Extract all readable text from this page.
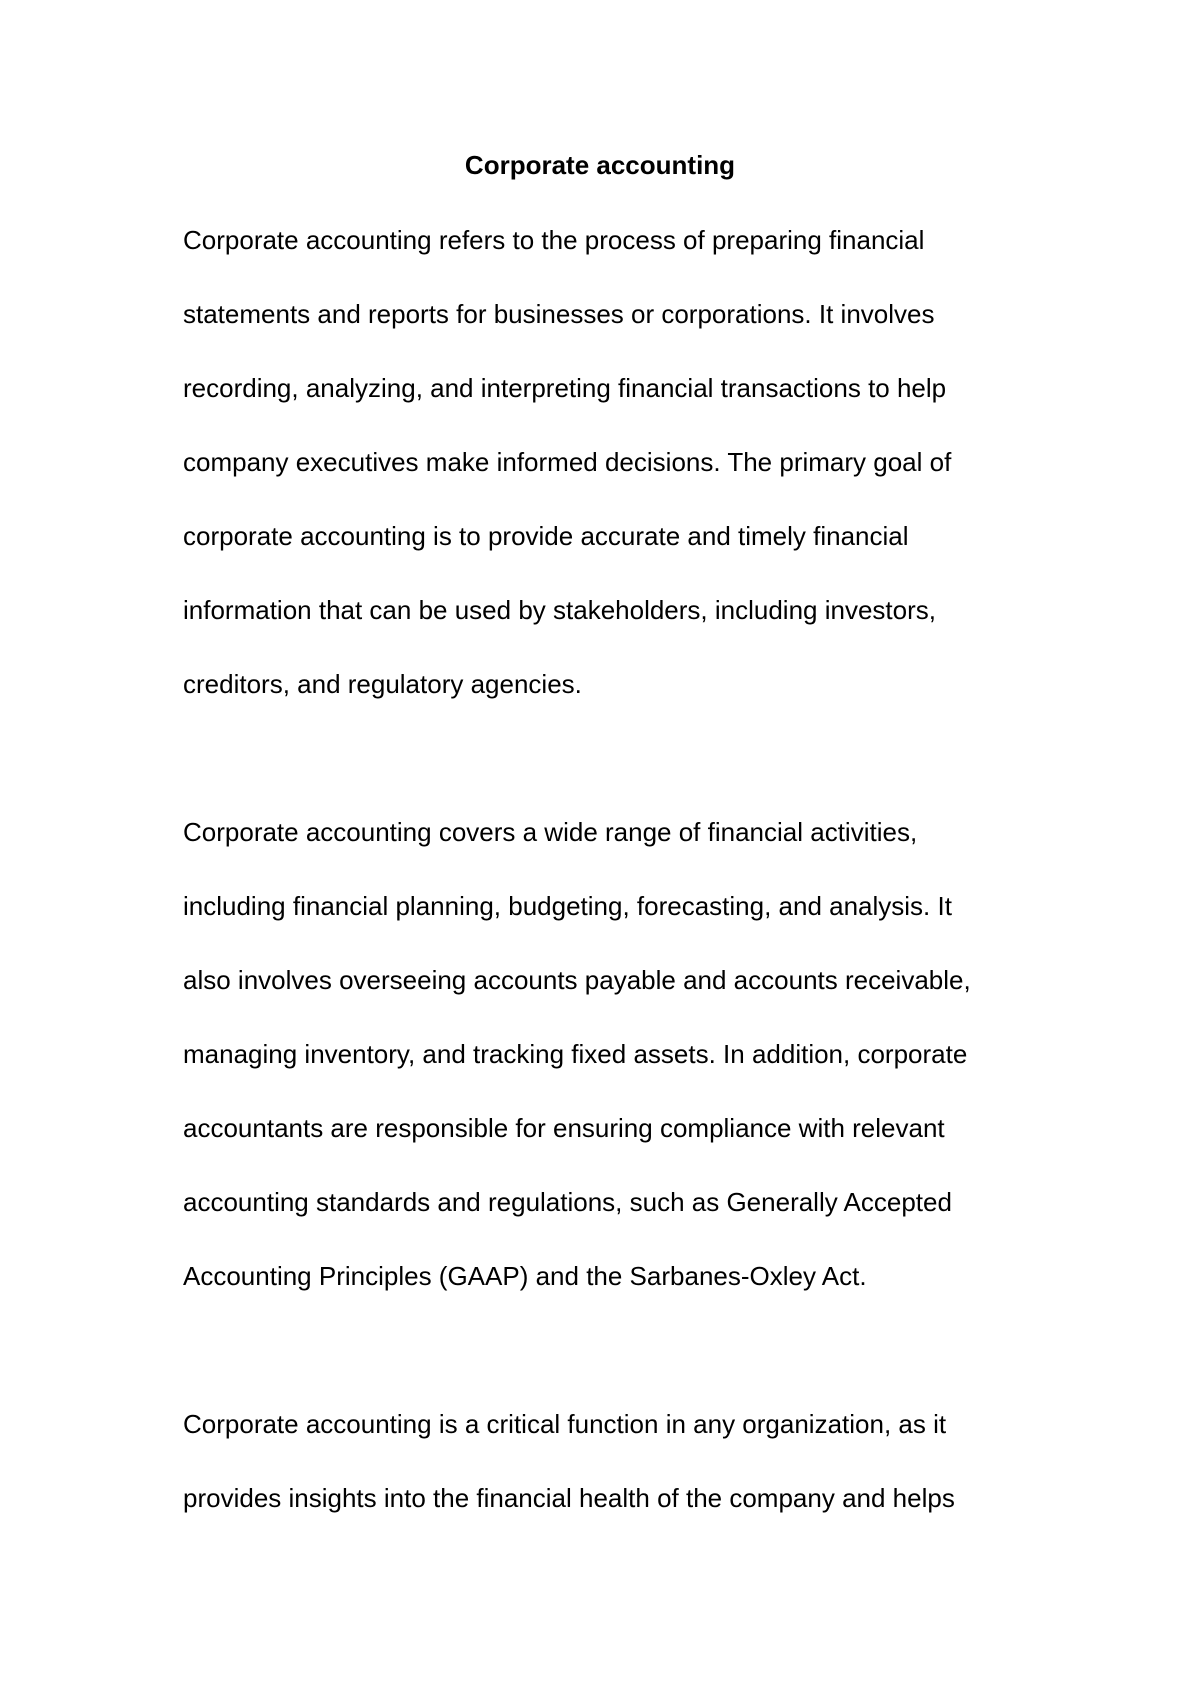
Corporate accounting
Corporate accounting refers to the process of preparing financial
statements and reports for businesses or corporations. It involves
recording, analyzing, and interpreting financial transactions to help
company executives make informed decisions. The primary goal of
corporate accounting is to provide accurate and timely financial
information that can be used by stakeholders, including investors,
creditors, and regulatory agencies.
Corporate accounting covers a wide range of financial activities,
including financial planning, budgeting, forecasting, and analysis. It
also involves overseeing accounts payable and accounts receivable,
managing inventory, and tracking fixed assets. In addition, corporate
accountants are responsible for ensuring compliance with relevant
accounting standards and regulations, such as Generally Accepted
Accounting Principles (GAAP) and the Sarbanes-Oxley Act.
Corporate accounting is a critical function in any organization, as it
provides insights into the financial health of the company and helps
